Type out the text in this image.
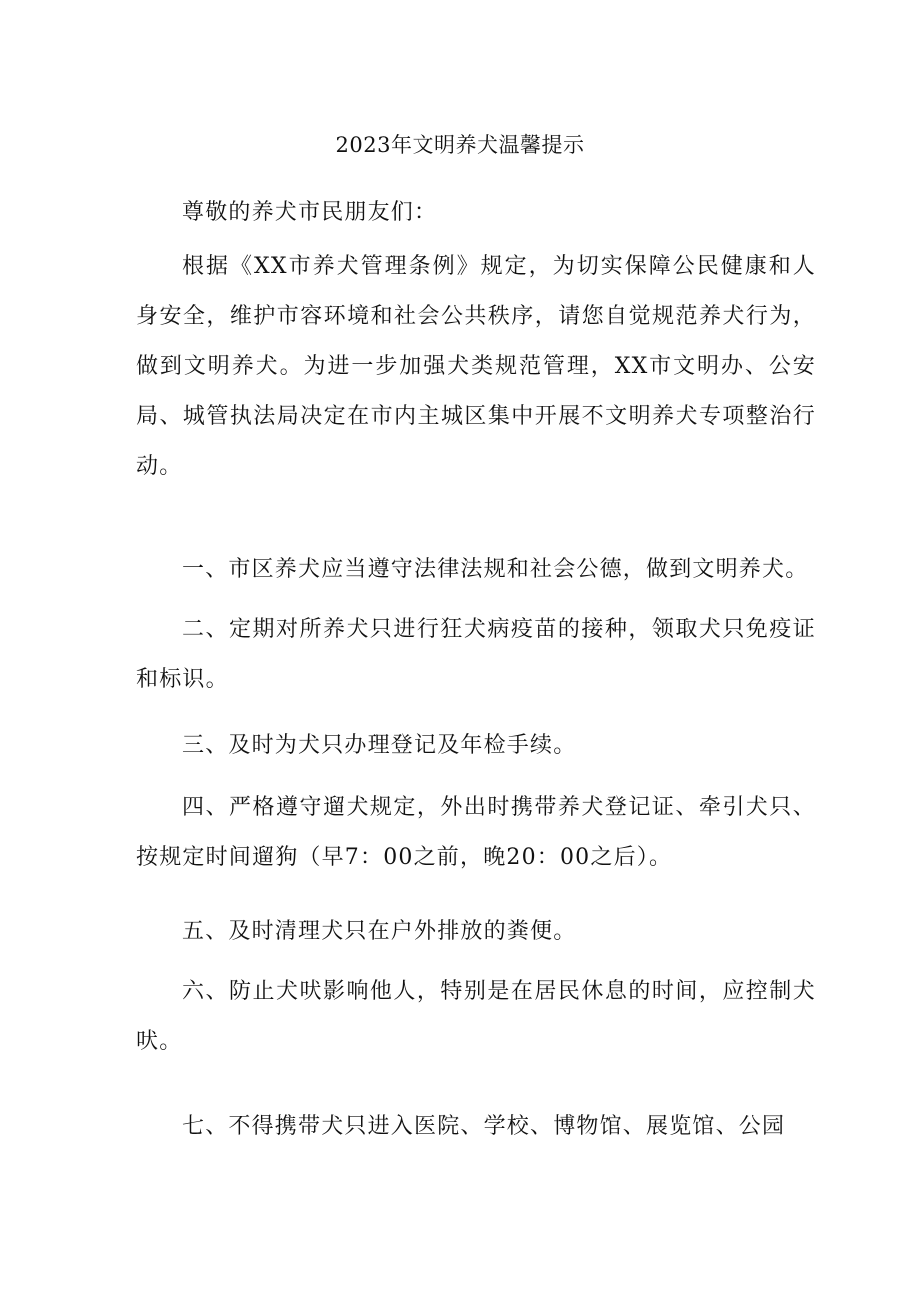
2023年文明养犬温馨提示

尊敬的养犬市民朋友们：

根据《XX市养犬管理条例》规定，为切实保障公民健康和人身安全，维护市容环境和社会公共秩序，请您自觉规范养犬行为，做到文明养犬。为进一步加强犬类规范管理，XX市文明办、公安局、城管执法局决定在市内主城区集中开展不文明养犬专项整治行动。

一、市区养犬应当遵守法律法规和社会公德，做到文明养犬。

二、定期对所养犬只进行狂犬病疫苗的接种，领取犬只免疫证和标识。

三、及时为犬只办理登记及年检手续。

四、严格遵守遛犬规定，外出时携带养犬登记证、牵引犬只、按规定时间遛狗（早7：00之前，晚20：00之后）。

五、及时清理犬只在户外排放的粪便。

六、防止犬吠影响他人，特别是在居民休息的时间，应控制犬吠。

七、不得携带犬只进入医院、学校、博物馆、展览馆、公园
